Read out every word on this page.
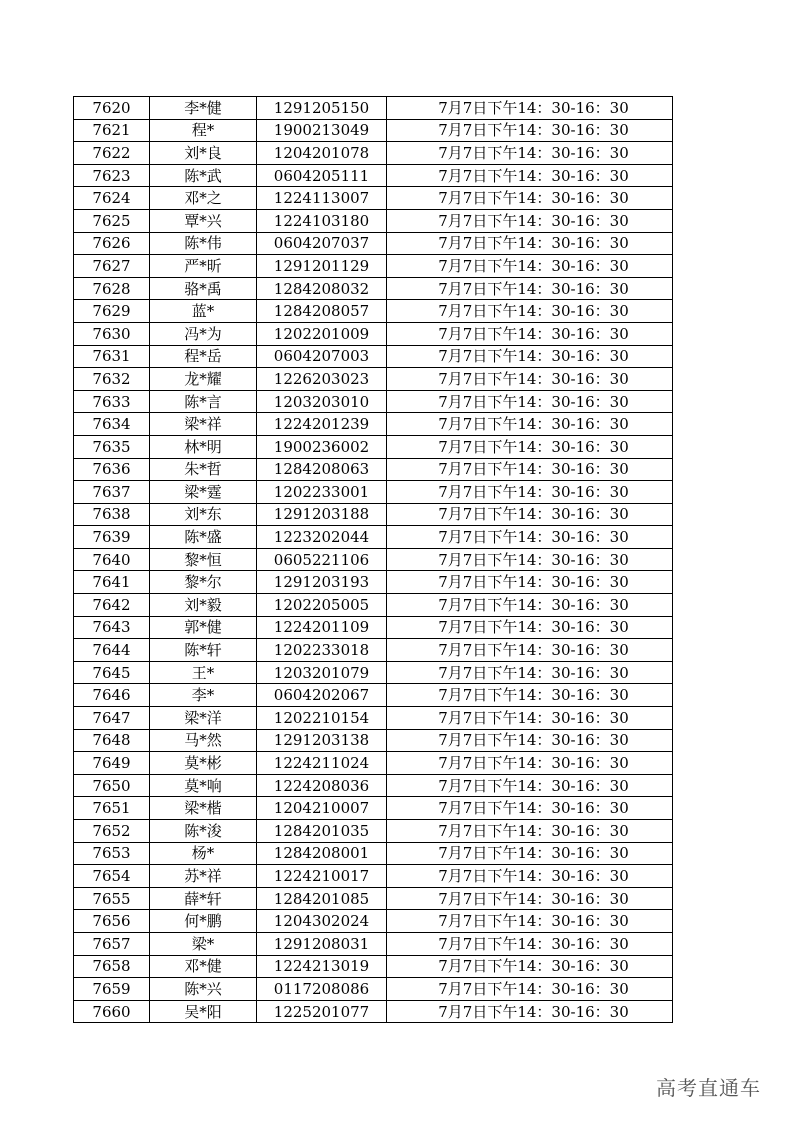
7620	李*健	1291205150	7月7日下午14：30-16：30
7621	程*	1900213049	7月7日下午14：30-16：30
7622	刘*良	1204201078	7月7日下午14：30-16：30
7623	陈*武	0604205111	7月7日下午14：30-16：30
7624	邓*之	1224113007	7月7日下午14：30-16：30
7625	覃*兴	1224103180	7月7日下午14：30-16：30
7626	陈*伟	0604207037	7月7日下午14：30-16：30
7627	严*昕	1291201129	7月7日下午14：30-16：30
7628	骆*禹	1284208032	7月7日下午14：30-16：30
7629	蓝*	1284208057	7月7日下午14：30-16：30
7630	冯*为	1202201009	7月7日下午14：30-16：30
7631	程*岳	0604207003	7月7日下午14：30-16：30
7632	龙*耀	1226203023	7月7日下午14：30-16：30
7633	陈*言	1203203010	7月7日下午14：30-16：30
7634	梁*祥	1224201239	7月7日下午14：30-16：30
7635	林*明	1900236002	7月7日下午14：30-16：30
7636	朱*哲	1284208063	7月7日下午14：30-16：30
7637	梁*霆	1202233001	7月7日下午14：30-16：30
7638	刘*东	1291203188	7月7日下午14：30-16：30
7639	陈*盛	1223202044	7月7日下午14：30-16：30
7640	黎*恒	0605221106	7月7日下午14：30-16：30
7641	黎*尔	1291203193	7月7日下午14：30-16：30
7642	刘*毅	1202205005	7月7日下午14：30-16：30
7643	郭*健	1224201109	7月7日下午14：30-16：30
7644	陈*轩	1202233018	7月7日下午14：30-16：30
7645	王*	1203201079	7月7日下午14：30-16：30
7646	李*	0604202067	7月7日下午14：30-16：30
7647	梁*洋	1202210154	7月7日下午14：30-16：30
7648	马*然	1291203138	7月7日下午14：30-16：30
7649	莫*彬	1224211024	7月7日下午14：30-16：30
7650	莫*响	1224208036	7月7日下午14：30-16：30
7651	梁*楷	1204210007	7月7日下午14：30-16：30
7652	陈*浚	1284201035	7月7日下午14：30-16：30
7653	杨*	1284208001	7月7日下午14：30-16：30
7654	苏*祥	1224210017	7月7日下午14：30-16：30
7655	薛*轩	1284201085	7月7日下午14：30-16：30
7656	何*鹏	1204302024	7月7日下午14：30-16：30
7657	梁*	1291208031	7月7日下午14：30-16：30
7658	邓*健	1224213019	7月7日下午14：30-16：30
7659	陈*兴	0117208086	7月7日下午14：30-16：30
7660	吴*阳	1225201077	7月7日下午14：30-16：30
高考直通车
